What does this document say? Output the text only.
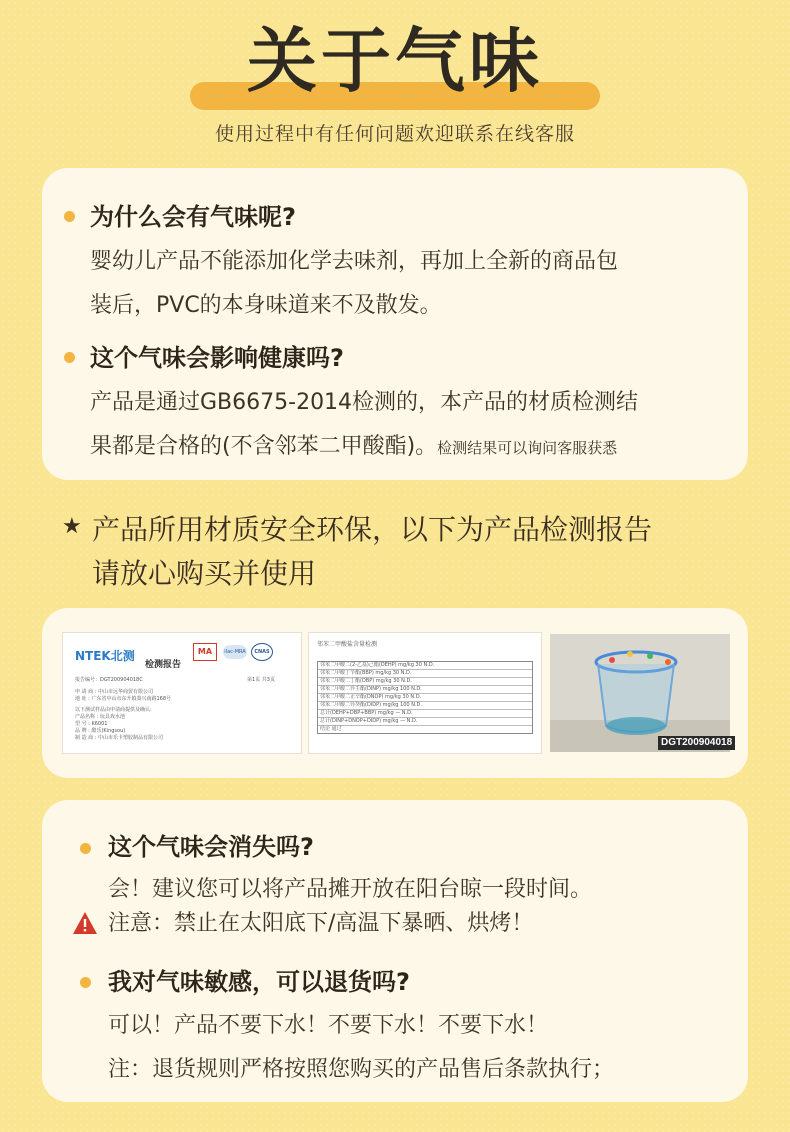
关于气味
使用过程中有任何问题欢迎联系在线客服
为什么会有气味呢?
婴幼儿产品不能添加化学去味剂，再加上全新的商品包
装后，PVC的本身味道来不及散发。
这个气味会影响健康吗?
产品是通过GB6675-2014检测的，本产品的材质检测结
果都是合格的(不含邻苯二甲酸酯)。检测结果可以询问客服获悉
★ 产品所用材质安全环保，以下为产品检测报告
请放心购买并使用
NTEK北测
检测报告
MA	ilac-MRA	CNAS
报告编号：DGT200904018C	第1页 共3页
申 请 商 : 中山市远华商贸有限公司
地 址 : 广东省中山市东升镇葵兴南路168号
以下测试样品由申请商提供及确认:
产品名称 : 玩具戏水池
型 号 : K6001
品 牌 : 酷乐(Kingsou)
制 造 商 : 中山市乐卡塑胶制品有限公司
邻苯二甲酸盐含量检测
邻苯二甲酸二(2-乙基)己酯(DEHP) mg/kg 30 N.D.
邻苯二甲酸丁苄酯(BBP) mg/kg 30 N.D.
邻苯二甲酸二丁酯(DBP) mg/kg 30 N.D.
邻苯二甲酸二异壬酯(DINP) mg/kg 100 N.D.
邻苯二甲酸二正辛酯(DNOP) mg/kg 30 N.D.
邻苯二甲酸二异癸酯(DIDP) mg/kg 100 N.D.
总计(DEHP+DBP+BBP) mg/kg — N.D.
总计(DINP+DNOP+DIDP) mg/kg — N.D.
结论 通过
DGT200904018
这个气味会消失吗?
会！建议您可以将产品摊开放在阳台晾一段时间。
注意：禁止在太阳底下/高温下暴晒、烘烤！
我对气味敏感，可以退货吗?
可以！产品不要下水！不要下水！不要下水！
注：退货规则严格按照您购买的产品售后条款执行；
